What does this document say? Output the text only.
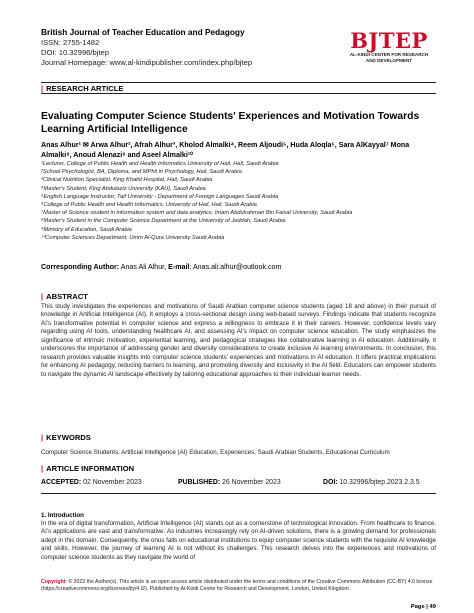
British Journal of Teacher Education and Pedagogy
ISSN: 2755-1482
DOI: 10.32996/bjtep
Journal Homepage: www.al-kindipublisher.com/index.php/bjtep
BJTEP
AL-KINDI CENTER FOR RESEARCH
AND DEVELOPMENT
| RESEARCH ARTICLE
Evaluating Computer Science Students' Experiences and Motivation Towards Learning Artificial Intelligence
Anas Alhur¹ ✉ Arwa Alhur², Afrah Alhur³, Kholod Almalki⁴, Reem Aljoudi⁵, Huda Aloqla⁶, Sara AlKayyal⁷ Mona
Almalki⁸, Anoud Alenazi⁹ and Aseel Almalki¹⁰
¹Lecturer, College of Public Health and Health Informatics University of Hail, Hail, Saudi Arabia
²School Psychologist, BA, Diploma, and MPhil in Psychology, Hail, Saudi Arabia
³Clinical Nutrition Specialist, King Khalid Hospital, Hail, Saudi Arabia
⁴Master's Student, King Abdulaziz University (KAU), Saudi Arabia
⁵English Language Instructor, Taif University - Department of Foreign Languages Saudi Arabia
⁶College of Public Health and Health Informatics, University of Hail, Hail, Saudi Arabia
⁷Master of Science student in information system and data analytics, Imam Abdulrahman Bin Faisal University, Saudi Arabia
⁸Master's Student in the Computer Science Department at the University of Jeddah, Saudi Arabia
⁹Ministry of Education, Saudi Arabia
¹⁰Computer Sciences Department, Umm Al-Qura University Saudi Arabia
Corresponding Author: Anas Ali Alhur, E-mail: Anas.ali.alhur@outlook.com
| ABSTRACT
This study investigates the experiences and motivations of Saudi Arabian computer science students (aged 18 and above) in their pursuit of knowledge in Artificial Intelligence (AI). It employs a cross-sectional design using web-based surveys. Findings indicate that students recognize AI's transformative potential in computer science and express a willingness to embrace it in their careers. However, confidence levels vary regarding using AI tools, understanding healthcare AI, and assessing AI's impact on computer science education. The study emphasizes the significance of intrinsic motivation, experiential learning, and pedagogical strategies like collaborative learning in AI education. Additionally, it underscores the importance of addressing gender and diversity considerations to create inclusive AI learning environments. In conclusion, this research provides valuable insights into computer science students' experiences and motivations in AI education. It offers practical implications for enhancing AI pedagogy, reducing barriers to learning, and promoting diversity and inclusivity in the AI field. Educators can empower students to navigate the dynamic AI landscape effectively by tailoring educational approaches to their individual learner needs.
| KEYWORDS
Computer Science Students, Artificial Intelligence (AI) Education, Experiences, Saudi Arabian Students, Educational Curriculum
| ARTICLE INFORMATION
ACCEPTED: 02 November 2023	PUBLISHED: 26 November 2023	DOI: 10.32996/bjtep.2023.2.3.5
1. Introduction
In the era of digital transformation, Artificial Intelligence (AI) stands out as a cornerstone of technological innovation. From healthcare to finance, AI's applications are vast and transformative. As industries increasingly rely on AI-driven solutions, there is a growing demand for professionals adept in this domain. Consequently, the onus falls on educational institutions to equip computer science students with the requisite AI knowledge and skills. However, the journey of learning AI is not without its challenges. This research delves into the experiences and motivations of computer science students as they navigate the world of
Copyright: © 2023 the Author(s). This article is an open access article distributed under the terms and conditions of the Creative Commons Attribution (CC-BY) 4.0 license (https://creativecommons.org/licenses/by/4.0/). Published by Al-Kindi Centre for Research and Development, London, United Kingdom.
Page | 49
